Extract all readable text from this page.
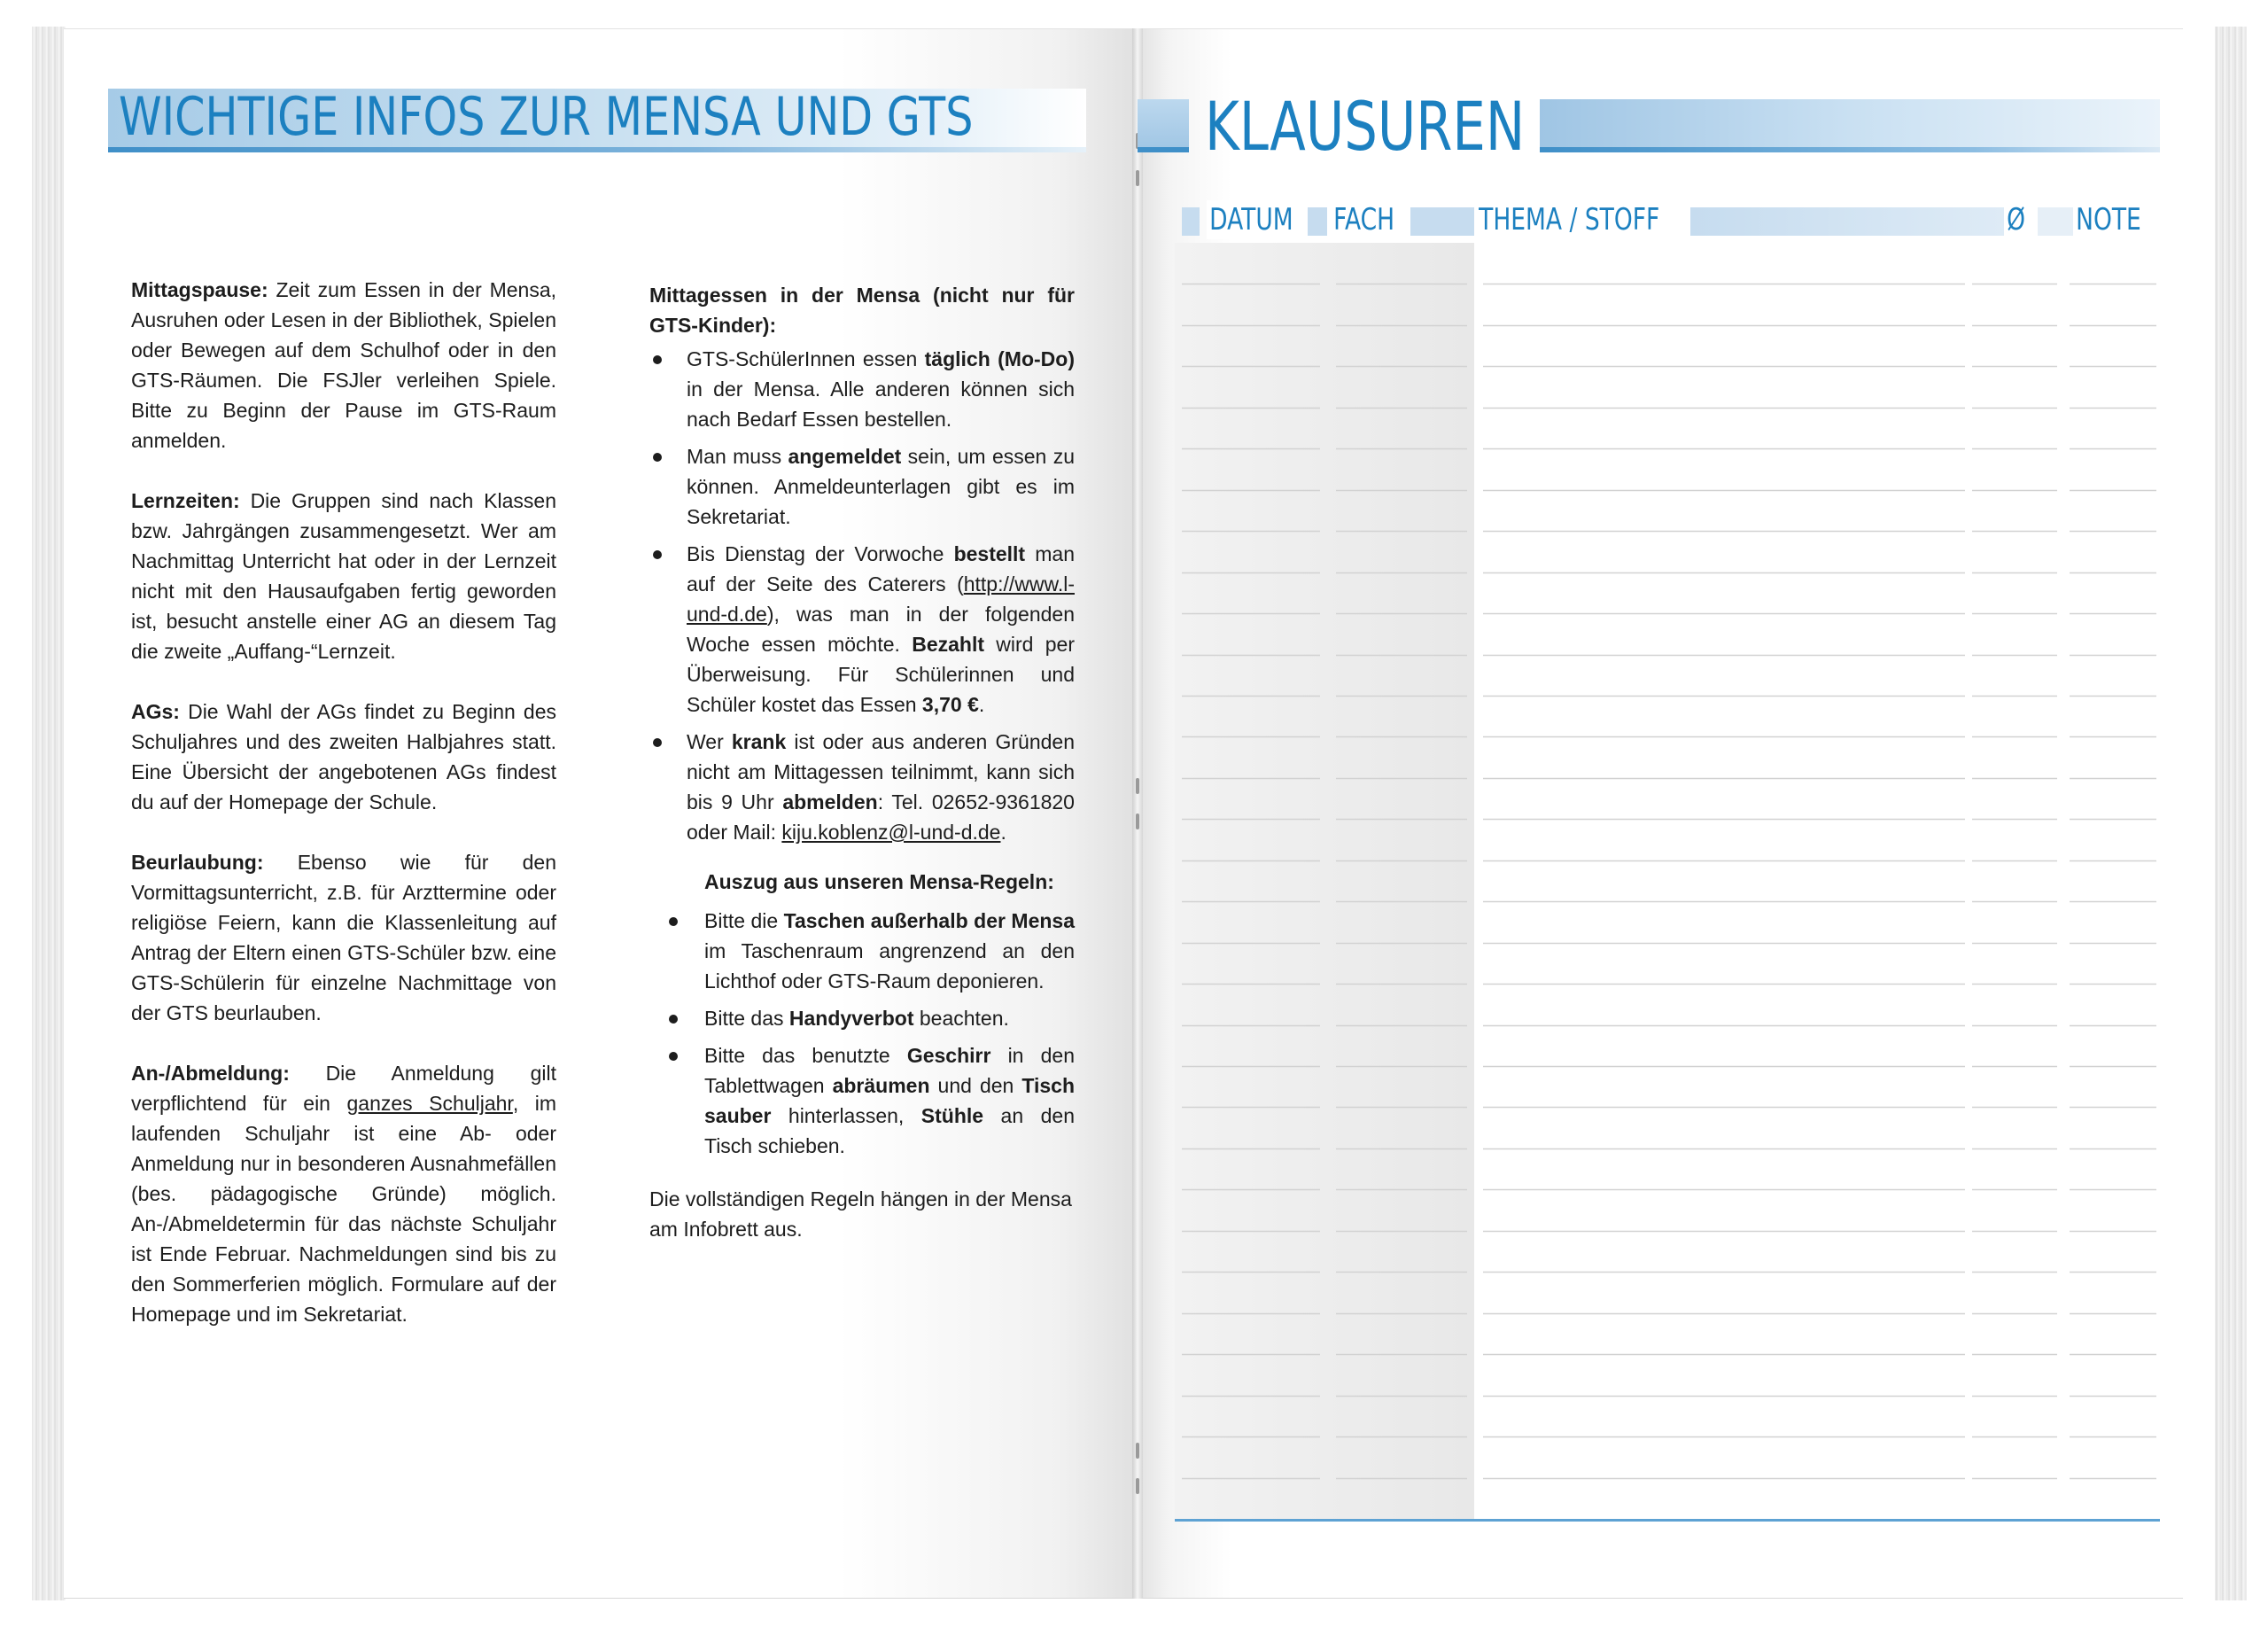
WICHTIGE INFOS ZUR MENSA UND GTS

Mittagspause: Zeit zum Essen in der Mensa, Ausruhen oder Lesen in der Bibliothek, Spielen oder Bewegen auf dem Schulhof oder in den GTS-Räumen. Die FSJler verleihen Spiele. Bitte zu Beginn der Pause im GTS-Raum anmelden.

Lernzeiten: Die Gruppen sind nach Klassen bzw. Jahrgängen zusammengesetzt. Wer am Nachmittag Unterricht hat oder in der Lernzeit nicht mit den Hausaufgaben fertig geworden ist, besucht anstelle einer AG an diesem Tag die zweite „Auffang-“Lernzeit.

AGs: Die Wahl der AGs findet zu Beginn des Schuljahres und des zweiten Halbjahres statt. Eine Übersicht der angebotenen AGs findest du auf der Homepage der Schule.

Beurlaubung: Ebenso wie für den Vormittagsunterricht, z.B. für Arzttermine oder religiöse Feiern, kann die Klassenleitung auf Antrag der Eltern einen GTS-Schüler bzw. eine GTS-Schülerin für einzelne Nachmittage von der GTS beurlauben.

An-/Abmeldung: Die Anmeldung gilt verpflichtend für ein ganzes Schuljahr, im laufenden Schuljahr ist eine Ab- oder Anmeldung nur in besonderen Ausnahmefällen (bes. pädagogische Gründe) möglich. An-/Abmeldetermin für das nächste Schuljahr ist Ende Februar. Nachmeldungen sind bis zu den Sommerferien möglich. Formulare auf der Homepage und im Sekretariat.

Mittagessen in der Mensa (nicht nur für GTS-Kinder):
GTS-SchülerInnen essen täglich (Mo-Do) in der Mensa. Alle anderen können sich nach Bedarf Essen bestellen.
Man muss angemeldet sein, um essen zu können. Anmeldeunterlagen gibt es im Sekretariat.
Bis Dienstag der Vorwoche bestellt man auf der Seite des Caterers (http://www.l-und-d.de), was man in der folgenden Woche essen möchte. Bezahlt wird per Überweisung. Für Schülerinnen und Schüler kostet das Essen 3,70 €.
Wer krank ist oder aus anderen Gründen nicht am Mittagessen teilnimmt, kann sich bis 9 Uhr abmelden: Tel. 02652-9361820 oder Mail: kiju.koblenz@l-und-d.de.
Auszug aus unseren Mensa-Regeln:
Bitte die Taschen außerhalb der Mensa im Taschenraum angrenzend an den Lichthof oder GTS-Raum deponieren.
Bitte das Handyverbot beachten.
Bitte das benutzte Geschirr in den Tablettwagen abräumen und den Tisch sauber hinterlassen, Stühle an den Tisch schieben.

Die vollständigen Regeln hängen in der Mensa am Infobrett aus.

KLAUSUREN
DATUM FACH	THEMA / STOFF	Ø NOTE
